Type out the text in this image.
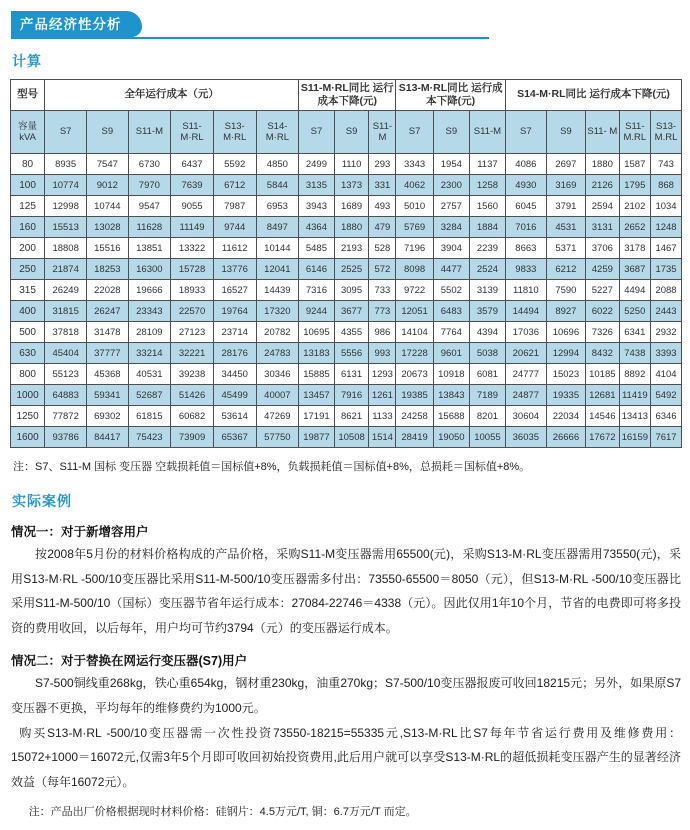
产品经济性分析
计算
型号	全年运行成本（元）						S11-M·RL同比 运行成本下降(元)			S13-M·RL同比 运行成本下降(元)			S14-M·RL同比 运行成本下降(元)				
容量 kVA	S7	S9	S11-M	S11- M·RL	S13- M·RL	S14- M·RL	S7	S9	S11- M	S7	S9	S11-M	S7	S9	S11- M	S11- M.RL	S13- M.RL
80	8935	7547	6730	6437	5592	4850	2499	1110	293	3343	1954	1137	4086	2697	1880	1587	743
100	10774	9012	7970	7639	6712	5844	3135	1373	331	4062	2300	1258	4930	3169	2126	1795	868
125	12998	10744	9547	9055	7987	6953	3943	1689	493	5010	2757	1560	6045	3791	2594	2102	1034
160	15513	13028	11628	11149	9744	8497	4364	1880	479	5769	3284	1884	7016	4531	3131	2652	1248
200	18808	15516	13851	13322	11612	10144	5485	2193	528	7196	3904	2239	8663	5371	3706	3178	1467
250	21874	18253	16300	15728	13776	12041	6146	2525	572	8098	4477	2524	9833	6212	4259	3687	1735
315	26249	22028	19666	18933	16527	14439	7316	3095	733	9722	5502	3139	11810	7590	5227	4494	2088
400	31815	26247	23343	22570	19764	17320	9244	3677	773	12051	6483	3579	14494	8927	6022	5250	2443
500	37818	31478	28109	27123	23714	20782	10695	4355	986	14104	7764	4394	17036	10696	7326	6341	2932
630	45404	37777	33214	32221	28176	24783	13183	5556	993	17228	9601	5038	20621	12994	8432	7438	3393
800	55123	45368	40531	39238	34450	30346	15885	6131	1293	20673	10918	6081	24777	15023	10185	8892	4104
1000	64883	59341	52687	51426	45499	40007	13457	7916	1261	19385	13843	7189	24877	19335	12681	11419	5492
1250	77872	69302	61815	60682	53614	47269	17191	8621	1133	24258	15688	8201	30604	22034	14546	13413	6346
1600	93786	84417	75423	73909	65367	57750	19877	10508	1514	28419	19050	10055	36035	26666	17672	16159	7617
注：S7、S11-M 国标 变压器 空载损耗值＝国标值+8%，负载损耗值＝国标值+8%，总损耗＝国标值+8%。
实际案例
情况一：对于新增容用户

按2008年5月份的材料价格构成的产品价格，采购S11-M变压器需用65500(元)，采购S13-M·RL变压器需用73550(元)，采用S13-M·RL -500/10变压器比采用S11-M-500/10变压器需多付出：73550-65500＝8050（元），但S13-M·RL -500/10变压器比采用S11-M-500/10（国标）变压器节省年运行成本：27084-22746＝4338（元）。因此仅用1年10个月，节省的电费即可将多投资的费用收回，以后每年，用户均可节约3794（元）的变压器运行成本。

情况二：对于替换在网运行变压器(S7)用户

S7-500铜线重268kg，铁心重654kg，钢材重230kg，油重270kg；S7-500/10变压器报废可收回18215元；另外，如果原S7变压器不更换，平均每年的维修费约为1000元。

购买S13-M·RL -500/10变压器需一次性投资73550-18215=55335元,S13-M·RL比S7每年节省运行费用及维修费用：15072+1000＝16072元,仅需3年5个月即可收回初始投资费用,此后用户就可以享受S13-M·RL的超低损耗变压器产生的显著经济效益（每年16072元）。

注：产品出厂价格根据现时材料价格：硅钢片：4.5万元/T, 铜：6.7万元/T 而定。
